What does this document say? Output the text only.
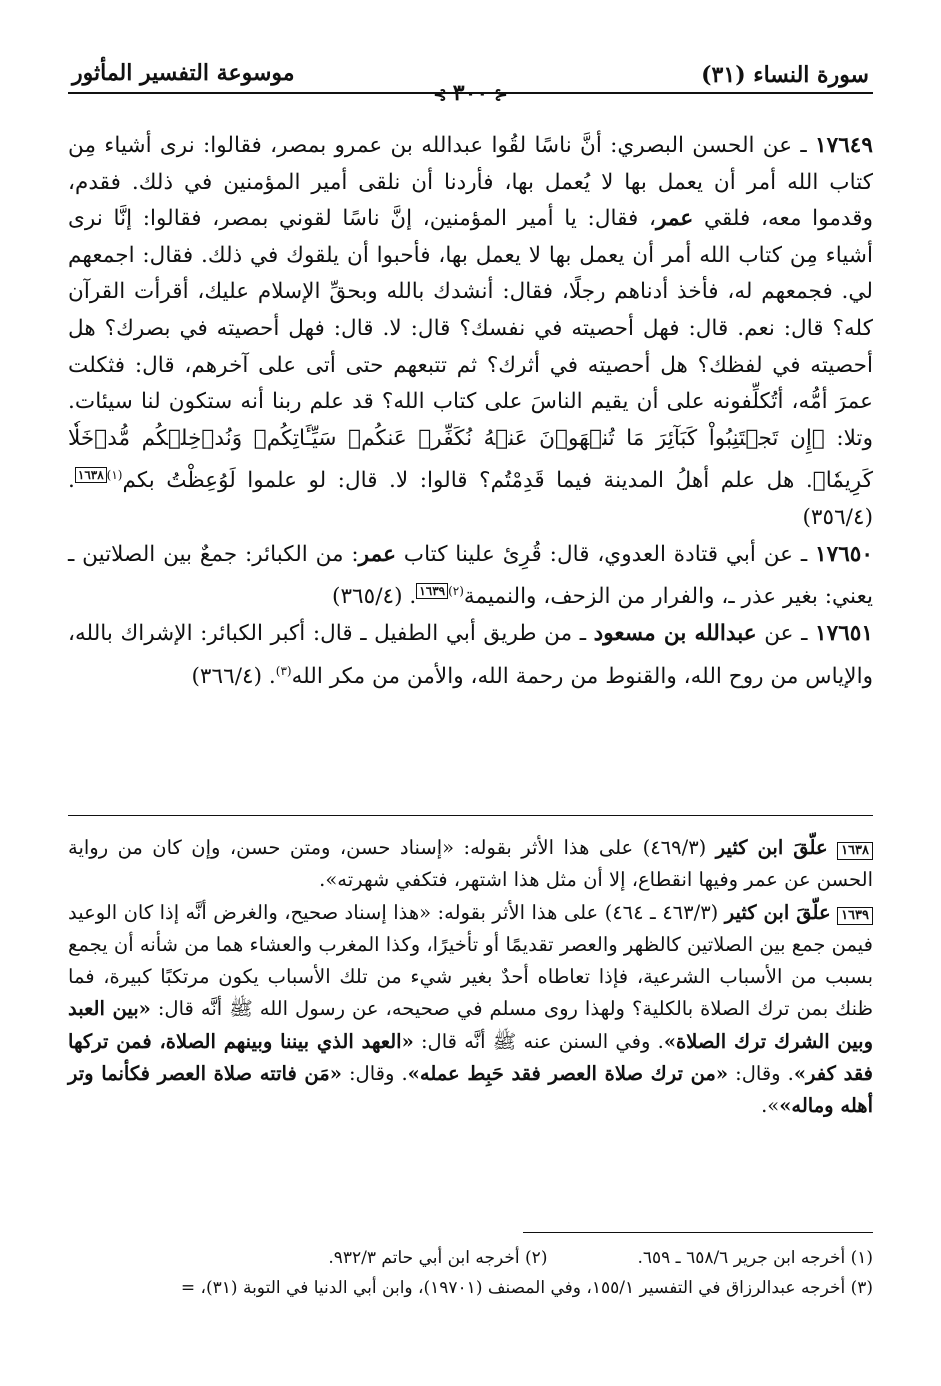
سورة النساء (٣١)
موسوعة التفسير المأثور
⊰ ٣٠٠ ⊱

١٧٦٤٩ ـ عن الحسن البصري: أنَّ ناسًا لقُوا عبدالله بن عمرو بمصر، فقالوا: نرى أشياء مِن كتاب الله أمر أن يعمل بها لا يُعمل بها، فأردنا أن نلقى أمير المؤمنين في ذلك. فقدم، وقدموا معه، فلقي عمر، فقال: يا أمير المؤمنين، إنَّ ناسًا لقوني بمصر، فقالوا: إنَّا نرى أشياء مِن كتاب الله أمر أن يعمل بها لا يعمل بها، فأحبوا أن يلقوك في ذلك. فقال: اجمعهم لي. فجمعهم له، فأخذ أدناهم رجلًا، فقال: أنشدك بالله وبحقِّ الإسلام عليك، أقرأت القرآن كله؟ قال: نعم. قال: فهل أحصيته في نفسك؟ قال: لا. قال: فهل أحصيته في بصرك؟ هل أحصيته في لفظك؟ هل أحصيته في أثرك؟ ثم تتبعهم حتى أتى على آخرهم، قال: فثكلت عمرَ أمُّه، أتُكلِّفونه على أن يقيم الناسَ على كتاب الله؟ قد علم ربنا أنه ستكون لنا سيئات. وتلا: ﴿إِن تَجۡتَنِبُواْ كَبَآئِرَ مَا تُنۡهَوۡنَ عَنۡهُ نُكَفِّرۡ عَنكُمۡ سَيِّـَٔاتِكُمۡ وَنُدۡخِلۡكُم مُّدۡخَلٗا كَرِيمٗا﴾. هل علم أهلُ المدينة فيما قَدِمْتُم؟ قالوا: لا. قال: لو علموا لَوُعِظْتُ بكم$^{(١)١٦٣٨}$. (٣٥٦/٤)

١٧٦٥٠ ـ عن أبي قتادة العدوي، قال: قُرِئ علينا كتاب عمر: من الكبائر: جمعٌ بين الصلاتين ـ يعني: بغير عذر ـ، والفرار من الزحف، والنميمة$^{(٢)١٦٣٩}$. (٣٦٥/٤)

١٧٦٥١ ـ عن عبدالله بن مسعود ـ من طريق أبي الطفيل ـ قال: أكبر الكبائر: الإشراك بالله، والإياس من روح الله، والقنوط من رحمة الله، والأمن من مكر الله$^{(٣)}$. (٣٦٦/٤)

١٦٣٨ علّقَ ابن كثير (٤٦٩/٣) على هذا الأثر بقوله: «إسناد حسن، ومتن حسن، وإن كان من رواية الحسن عن عمر وفيها انقطاع، إلا أن مثل هذا اشتهر، فتكفي شهرته».

١٦٣٩ علّقَ ابن كثير (٤٦٣/٣ ـ ٤٦٤) على هذا الأثر بقوله: «هذا إسناد صحيح، والغرض أنَّه إذا كان الوعيد فيمن جمع بين الصلاتين كالظهر والعصر تقديمًا أو تأخيرًا، وكذا المغرب والعشاء هما من شأنه أن يجمع بسبب من الأسباب الشرعية، فإذا تعاطاه أحدٌ بغير شيء من تلك الأسباب يكون مرتكبًا كبيرة، فما ظنك بمن ترك الصلاة بالكلية؟ ولهذا روى مسلم في صحيحه، عن رسول الله ﷺ أنَّه قال: «بين العبد وبين الشرك ترك الصلاة». وفي السنن عنه ﷺ أنَّه قال: «العهد الذي بيننا وبينهم الصلاة، فمن تركها فقد كفر». وقال: «من ترك صلاة العصر فقد حَبِط عمله». وقال: «مَن فاتته صلاة العصر فكأنما وتر أهله وماله»».

(١) أخرجه ابن جرير ٦٥٨/٦ ـ ٦٥٩.
(٢) أخرجه ابن أبي حاتم ٩٣٢/٣.
(٣) أخرجه عبدالرزاق في التفسير ١٥٥/١، وفي المصنف (١٩٧٠١)، وابن أبي الدنيا في التوبة (٣١)، =
